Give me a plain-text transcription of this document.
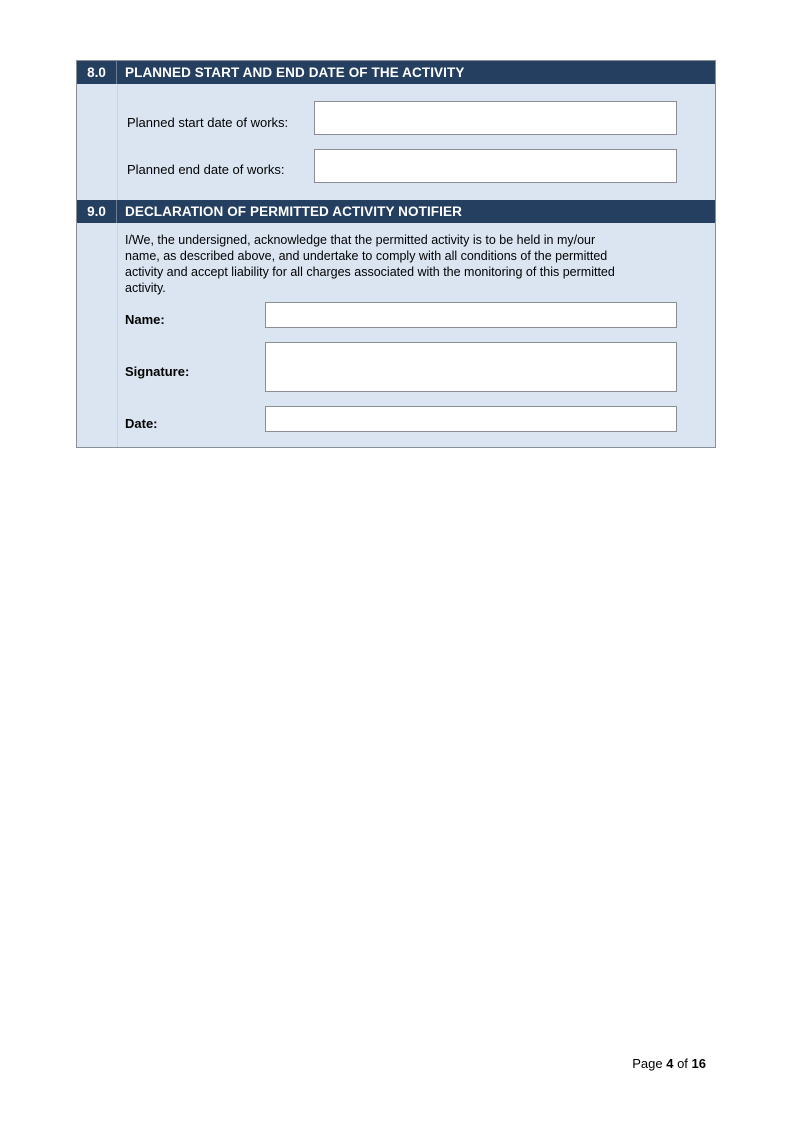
8.0	PLANNED START AND END DATE OF THE ACTIVITY
Planned start date of works:
Planned end date of works:
9.0	DECLARATION OF PERMITTED ACTIVITY NOTIFIER
I/We, the undersigned, acknowledge that the permitted activity is to be held in my/our
name, as described above, and undertake to comply with all conditions of the permitted
activity and accept liability for all charges associated with the monitoring of this permitted
activity.
Name:
Signature:
Date:
Page 4 of 16
